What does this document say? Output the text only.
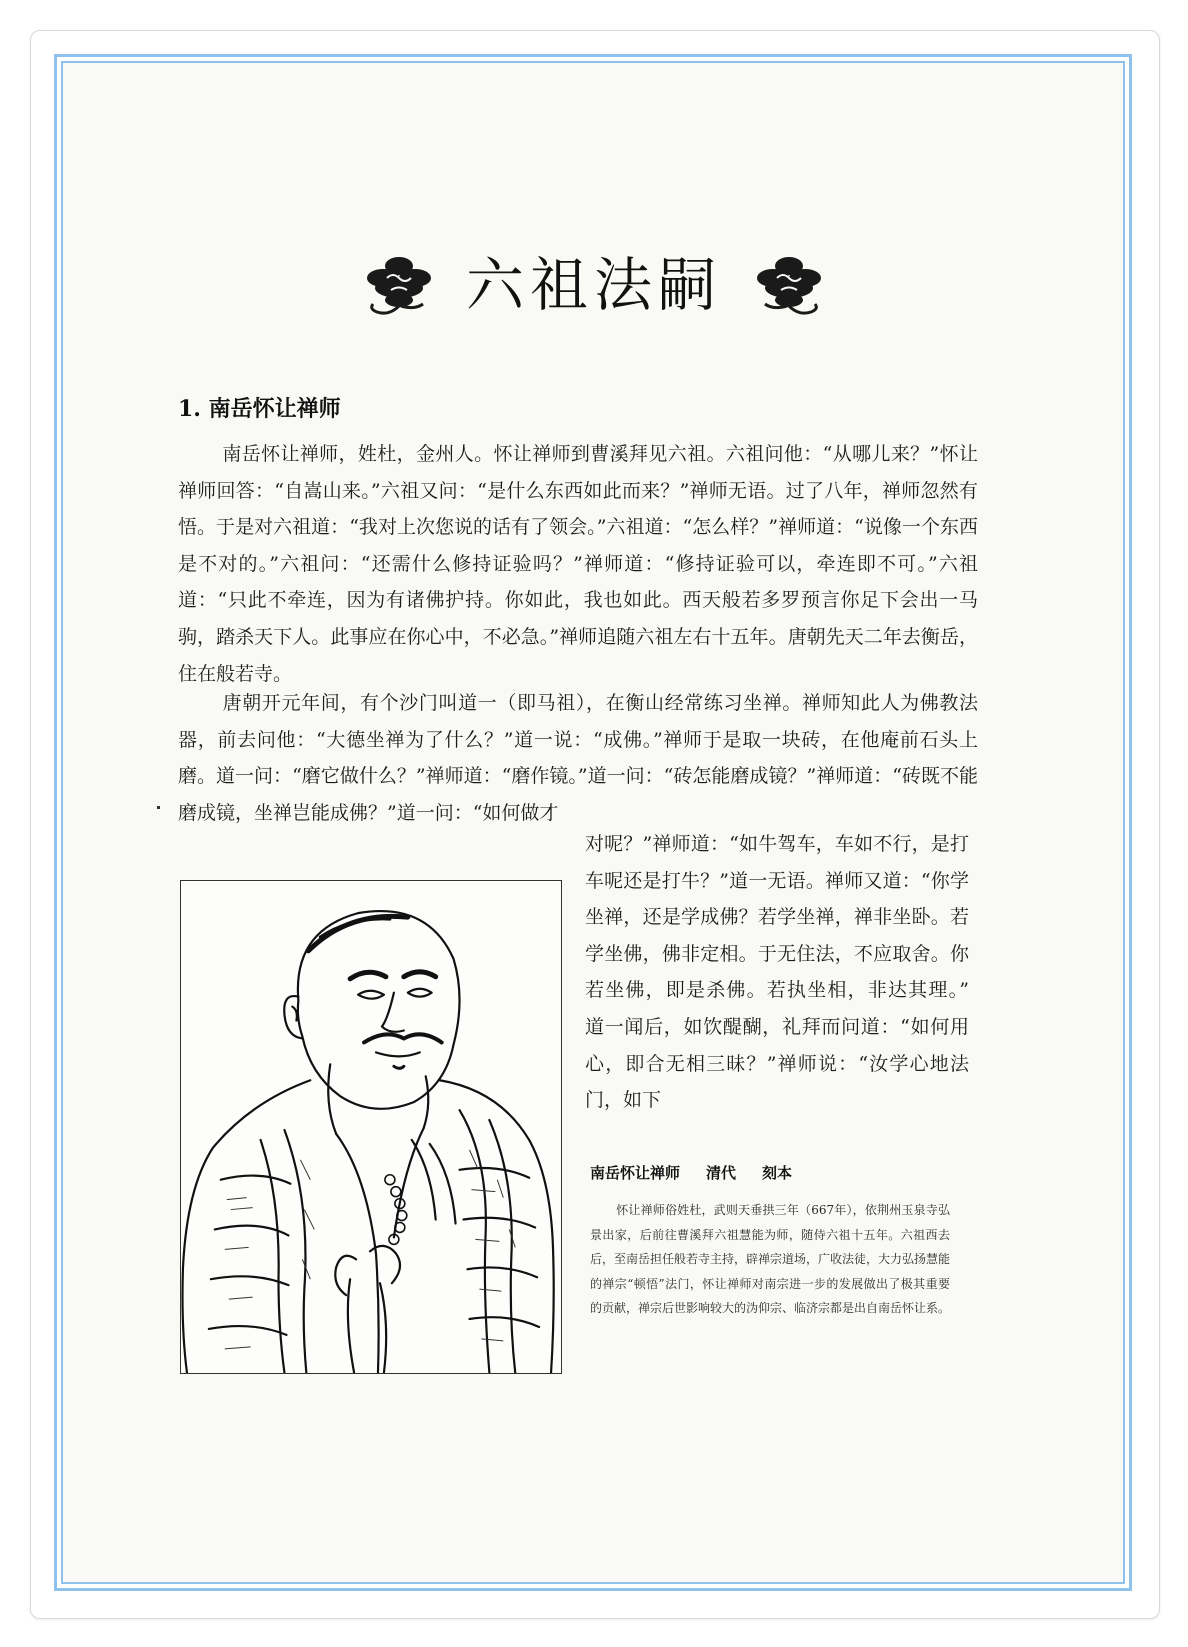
六祖法嗣
1. 南岳怀让禅师

南岳怀让禅师，姓杜，金州人。怀让禅师到曹溪拜见六祖。六祖问他：“从哪儿来？”怀让禅师回答：“自嵩山来。”六祖又问：“是什么东西如此而来？”禅师无语。过了八年，禅师忽然有悟。于是对六祖道：“我对上次您说的话有了领会。”六祖道：“怎么样？”禅师道：“说像一个东西是不对的。”六祖问：“还需什么修持证验吗？”禅师道：“修持证验可以，牵连即不可。”六祖道：“只此不牵连，因为有诸佛护持。你如此，我也如此。西天般若多罗预言你足下会出一马驹，踏杀天下人。此事应在你心中，不必急。”禅师追随六祖左右十五年。唐朝先天二年去衡岳，住在般若寺。

唐朝开元年间，有个沙门叫道一（即马祖），在衡山经常练习坐禅。禅师知此人为佛教法器，前去问他：“大德坐禅为了什么？”道一说：“成佛。”禅师于是取一块砖，在他庵前石头上磨。道一问：“磨它做什么？”禅师道：“磨作镜。”道一问：“砖怎能磨成镜？”禅师道：“砖既不能磨成镜，坐禅岂能成佛？”道一问：“如何做才

对呢？”禅师道：“如牛驾车，车如不行，是打车呢还是打牛？”道一无语。禅师又道：“你学坐禅，还是学成佛？若学坐禅，禅非坐卧。若学坐佛，佛非定相。于无住法，不应取舍。你若坐佛，即是杀佛。若执坐相，非达其理。” 道一闻后，如饮醍醐，礼拜而问道：“如何用心，即合无相三昧？”禅师说：“汝学心地法门，如下

南岳怀让禅师 清代 刻本

怀让禅师俗姓杜，武则天垂拱三年（667年），依荆州玉泉寺弘景出家，后前往曹溪拜六祖慧能为师，随侍六祖十五年。六祖西去后，至南岳担任般若寺主持，辟禅宗道场，广收法徒，大力弘扬慧能的禅宗“顿悟”法门，怀让禅师对南宗进一步的发展做出了极其重要的贡献，禅宗后世影响较大的沩仰宗、临济宗都是出自南岳怀让系。
